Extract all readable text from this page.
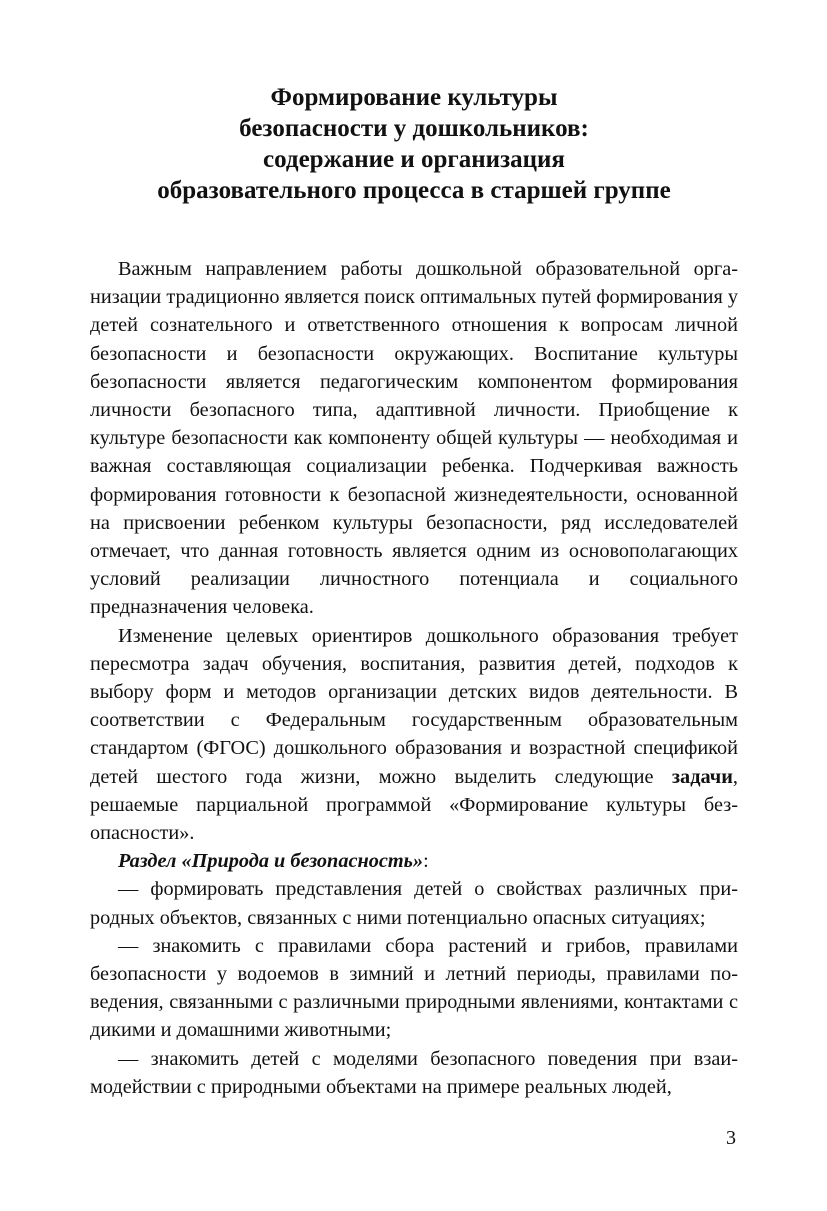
Формирование культуры
безопасности у дошкольников:
содержание и организация
образовательного процесса в старшей группе

Важным направлением работы дошкольной образовательной организации традиционно является поиск оптимальных путей формирования у детей сознательного и ответственного отношения к вопросам личной безопасности и безопасности окружающих. Воспитание культуры безопасности является педагогическим компонентом формирования личности безопасного типа, адаптивной личности. Приобщение к культуре безопасности как компоненту общей культуры — необходимая и важная составляющая социализации ребенка. Подчеркивая важность формирования готовности к безопасной жизнедеятельности, основанной на присвоении ребенком культуры безопасности, ряд исследователей отмечает, что данная готовность является одним из основополагающих условий реализации личностного потенциала и социального предназначения человека.

Изменение целевых ориентиров дошкольного образования требует пересмотра задач обучения, воспитания, развития детей, подходов к выбору форм и методов организации детских видов деятельности. В соответствии с Федеральным государственным образовательным стандартом (ФГОС) дошкольного образования и возрастной спецификой детей шестого года жизни, можно выделить следующие задачи, решаемые парциальной программой «Формирование культуры безопасности».

Раздел «Природа и безопасность»:

— формировать представления детей о свойствах различных природных объектов, связанных с ними потенциально опасных ситуациях;

— знакомить с правилами сбора растений и грибов, правилами безопасности у водоемов в зимний и летний периоды, правилами поведения, связанными с различными природными явлениями, контактами с дикими и домашними животными;

— знакомить детей с моделями безопасного поведения при взаимодействии с природными объектами на примере реальных людей,

3
